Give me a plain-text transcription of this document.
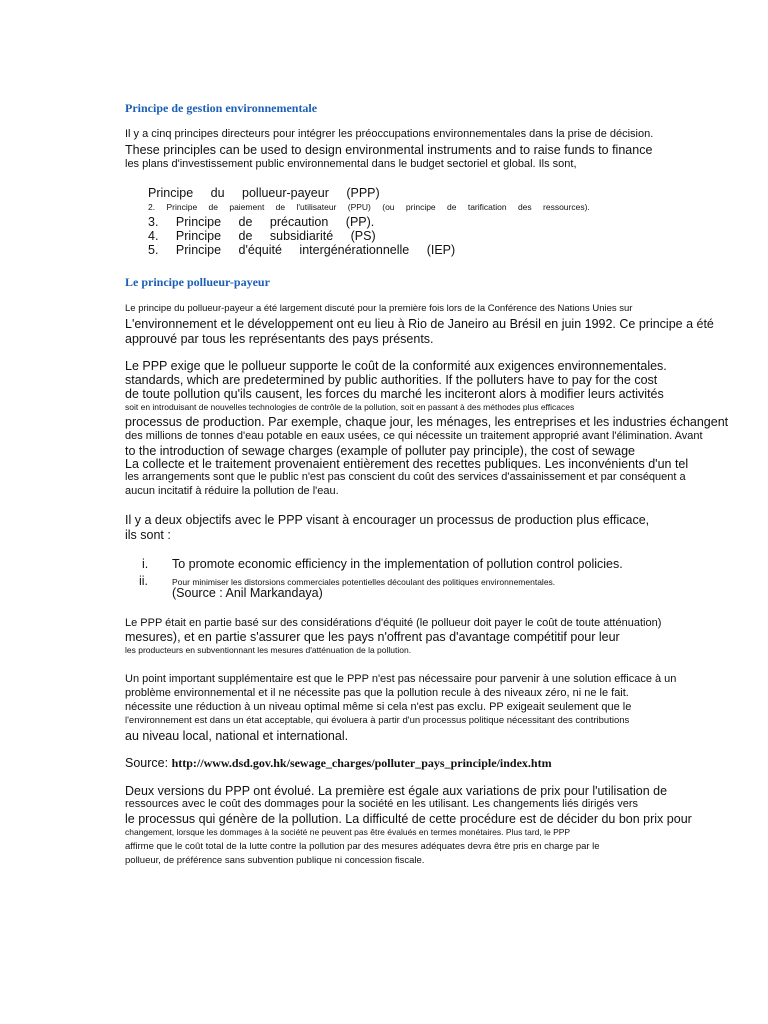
Principe de gestion environnementale
Il y a cinq principes directeurs pour intégrer les préoccupations environnementales dans la prise de décision.
These principles can be used to design environmental instruments and to raise funds to finance
les plans d'investissement public environnemental dans le budget sectoriel et global. Ils sont,
Principe du pollueur-payeur (PPP)
2. Principe de paiement de l'utilisateur (PPU) (ou principe de tarification des ressources).
3. Principe de précaution (PP).
4. Principe de subsidiarité (PS)
5. Principe d'équité intergénérationnelle (IEP)
Le principe pollueur-payeur
Le principe du pollueur-payeur a été largement discuté pour la première fois lors de la Conférence des Nations Unies sur
L'environnement et le développement ont eu lieu à Rio de Janeiro au Brésil en juin 1992. Ce principe a été
approuvé par tous les représentants des pays présents.
Le PPP exige que le pollueur supporte le coût de la conformité aux exigences environnementales.
standards, which are predetermined by public authorities. If the polluters have to pay for the cost
de toute pollution qu'ils causent, les forces du marché les inciteront alors à modifier leurs activités
soit en introduisant de nouvelles technologies de contrôle de la pollution, soit en passant à des méthodes plus efficaces
processus de production. Par exemple, chaque jour, les ménages, les entreprises et les industries échangent
des millions de tonnes d'eau potable en eaux usées, ce qui nécessite un traitement approprié avant l'élimination. Avant
to the introduction of sewage charges (example of polluter pay principle), the cost of sewage
La collecte et le traitement provenaient entièrement des recettes publiques. Les inconvénients d'un tel
les arrangements sont que le public n'est pas conscient du coût des services d'assainissement et par conséquent a
aucun incitatif à réduire la pollution de l'eau.
Il y a deux objectifs avec le PPP visant à encourager un processus de production plus efficace,
ils sont :
i. To promote economic efficiency in the implementation of pollution control policies.
ii.	Pour minimiser les distorsions commerciales potentielles découlant des politiques environnementales.
(Source : Anil Markandaya)
Le PPP était en partie basé sur des considérations d'équité (le pollueur doit payer le coût de toute atténuation)
mesures), et en partie s'assurer que les pays n'offrent pas d'avantage compétitif pour leur
les producteurs en subventionnant les mesures d'atténuation de la pollution.
Un point important supplémentaire est que le PPP n'est pas nécessaire pour parvenir à une solution efficace à un
problème environnemental et il ne nécessite pas que la pollution recule à des niveaux zéro, ni ne le fait.
nécessite une réduction à un niveau optimal même si cela n'est pas exclu. PP exigeait seulement que le
l'environnement est dans un état acceptable, qui évoluera à partir d'un processus politique nécessitant des contributions
au niveau local, national et international.
Source: http://www.dsd.gov.hk/sewage_charges/polluter_pays_principle/index.htm
Deux versions du PPP ont évolué. La première est égale aux variations de prix pour l'utilisation de
ressources avec le coût des dommages pour la société en les utilisant. Les changements liés dirigés vers
le processus qui génère de la pollution. La difficulté de cette procédure est de décider du bon prix pour
changement, lorsque les dommages à la société ne peuvent pas être évalués en termes monétaires. Plus tard, le PPP
affirme que le coût total de la lutte contre la pollution par des mesures adéquates devra être pris en charge par le
pollueur, de préférence sans subvention publique ni concession fiscale.
